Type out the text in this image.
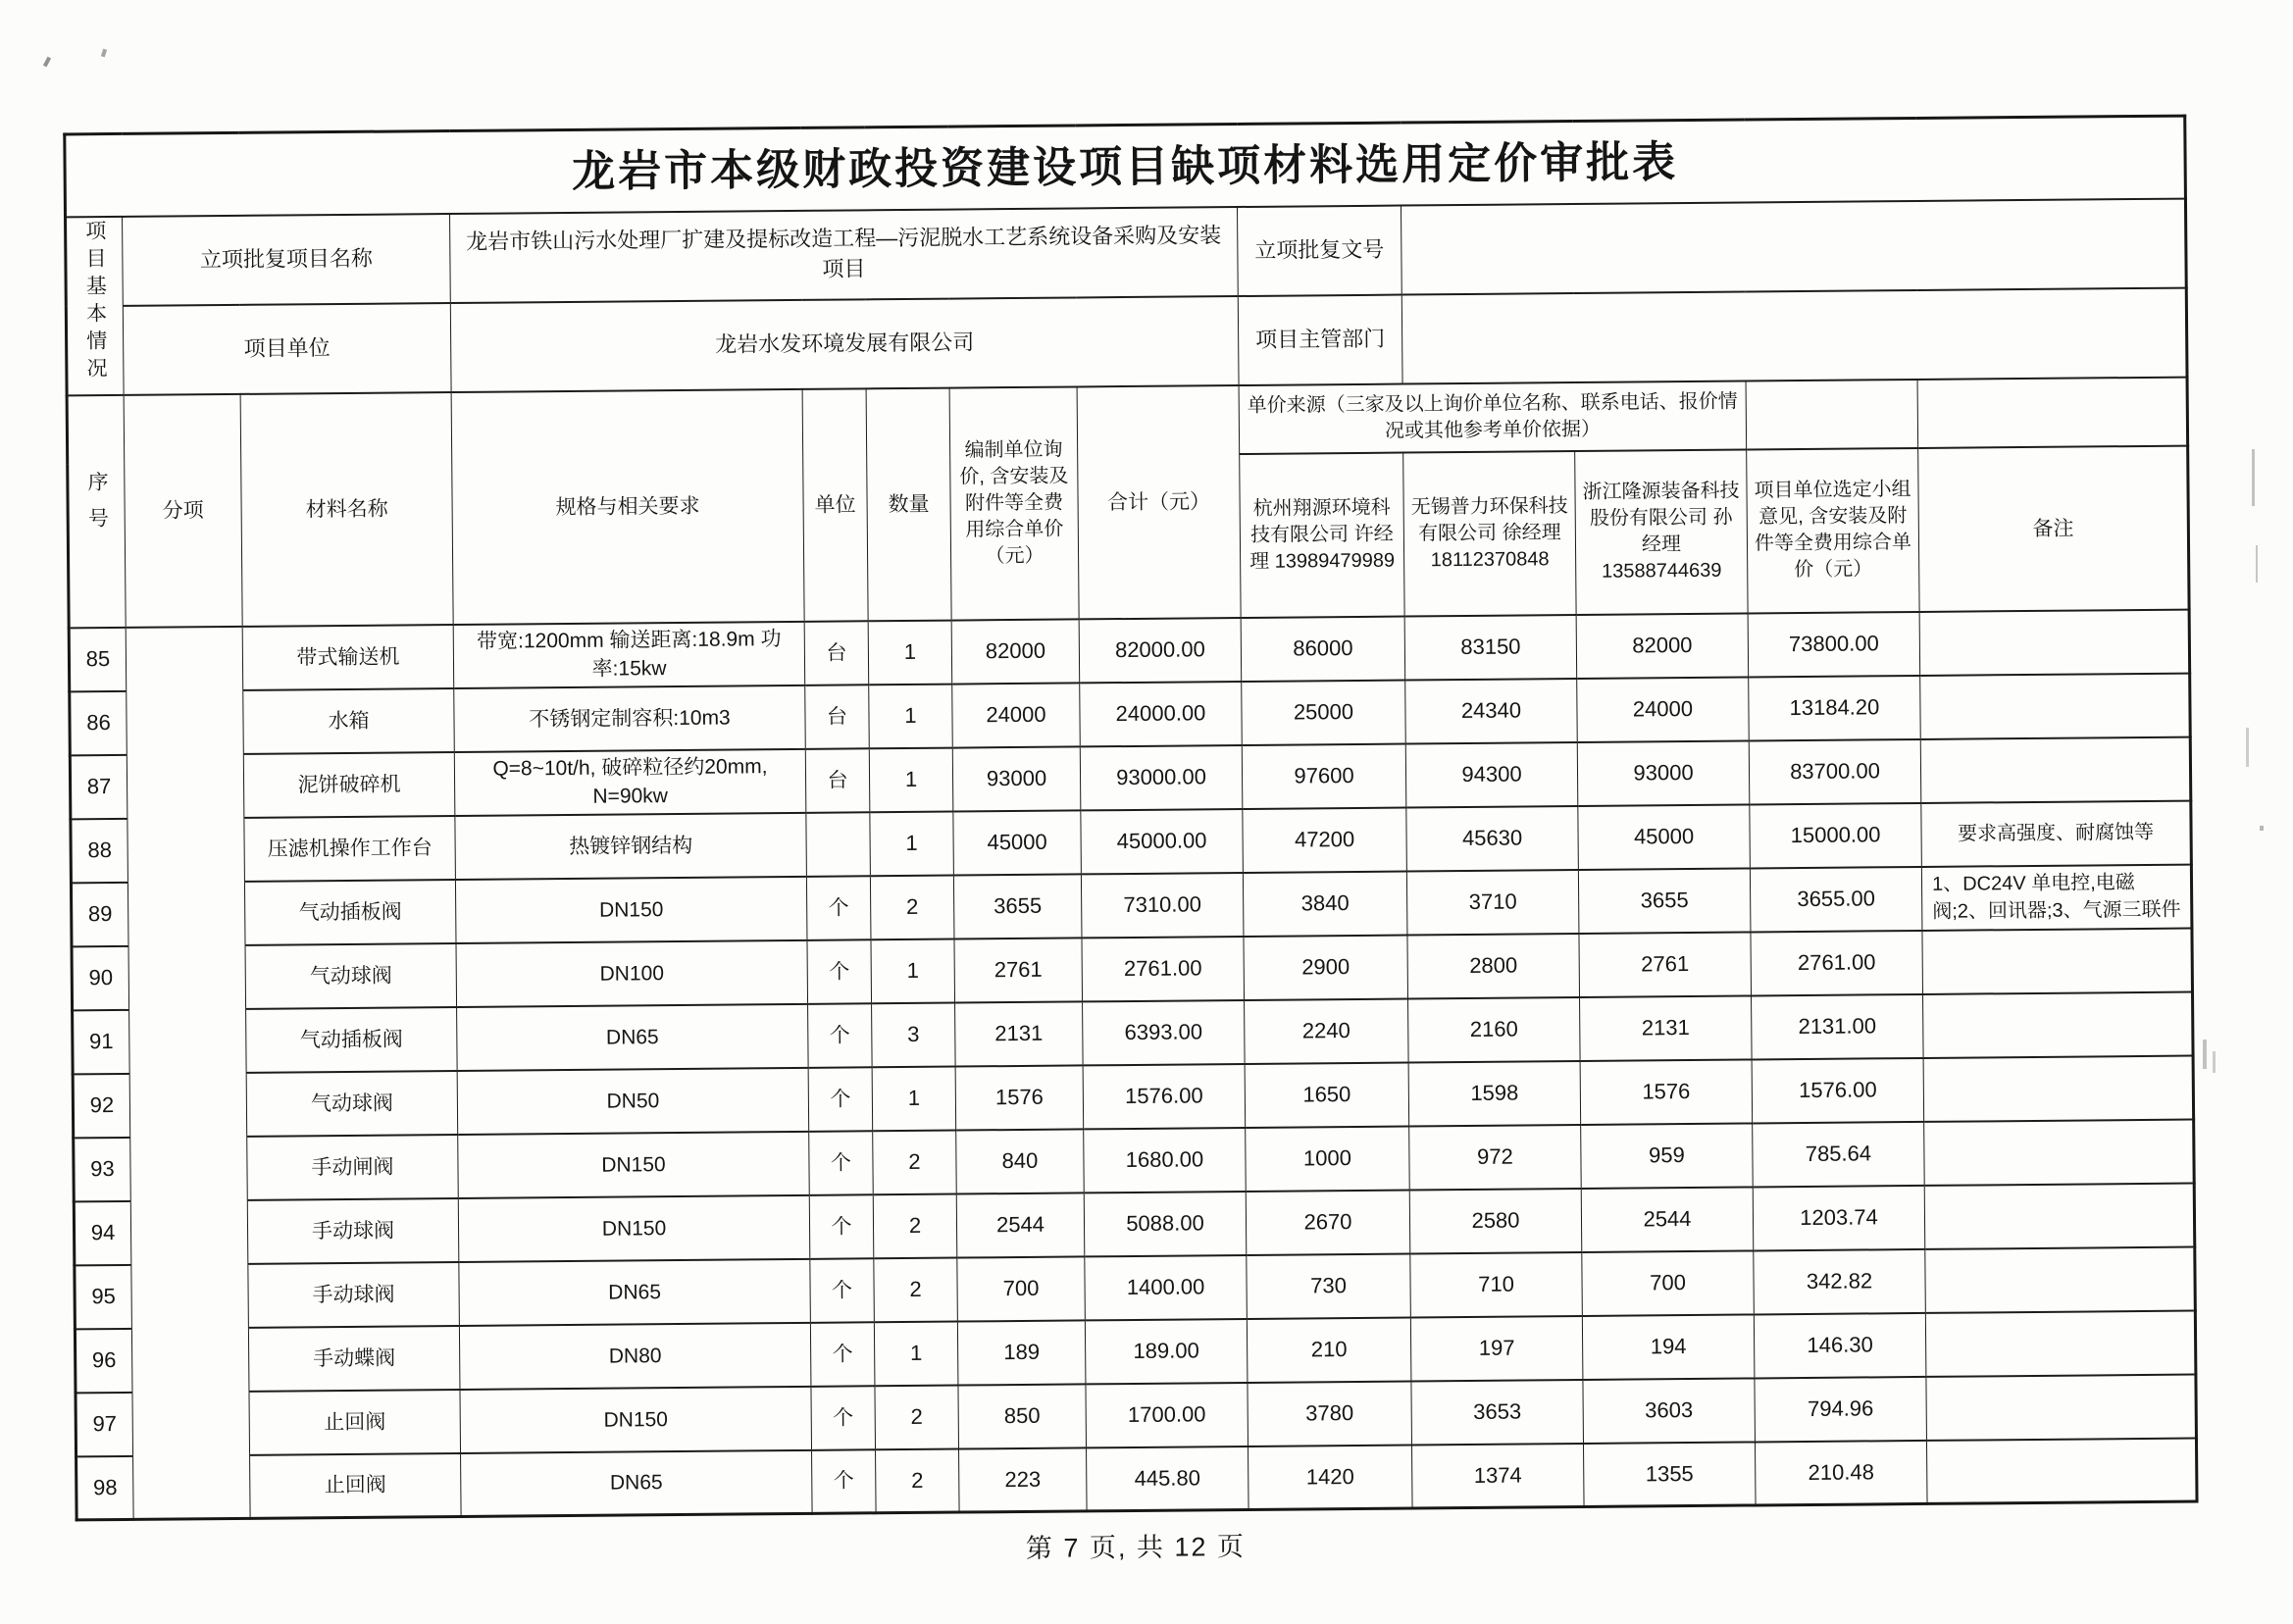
龙岩市本级财政投资建设项目缺项材料选用定价审批表												
项目基本情况	立项批复项目名称		龙岩市铁山污水处理厂扩建及提标改造工程—污泥脱水工艺系统设备采购及安装项目					立项批复文号				
	项目单位		龙岩水发环境发展有限公司					项目主管部门				
序号	分项	材料名称	规格与相关要求	单位	数量	编制单位询价, 含安装及附件等全费用综合单价（元）	合计（元）	单价来源（三家及以上询价单位名称、联系电话、报价情况或其他参考单价依据）				
								杭州翔源环境科技有限公司 许经理 13989479989	无锡普力环保科技有限公司 徐经理 18112370848	浙江隆源装备科技股份有限公司 孙经理 13588744639	项目单位选定小组意见, 含安装及附件等全费用综合单价（元）	备注
85		带式输送机	带宽:1200mm 输送距离:18.9m 功率:15kw	台	1	82000	82000.00	86000	83150	82000	73800.00	
86		水箱	不锈钢定制容积:10m3	台	1	24000	24000.00	25000	24340	24000	13184.20	
87		泥饼破碎机	Q=8~10t/h, 破碎粒径约20mm, N=90kw	台	1	93000	93000.00	97600	94300	93000	83700.00	
88		压滤机操作工作台	热镀锌钢结构		1	45000	45000.00	47200	45630	45000	15000.00	要求高强度、耐腐蚀等
89		气动插板阀	DN150	个	2	3655	7310.00	3840	3710	3655	3655.00	1、DC24V 单电控,电磁阀;2、回讯器;3、气源三联件
90		气动球阀	DN100	个	1	2761	2761.00	2900	2800	2761	2761.00	
91		气动插板阀	DN65	个	3	2131	6393.00	2240	2160	2131	2131.00	
92		气动球阀	DN50	个	1	1576	1576.00	1650	1598	1576	1576.00	
93		手动闸阀	DN150	个	2	840	1680.00	1000	972	959	785.64	
94		手动球阀	DN150	个	2	2544	5088.00	2670	2580	2544	1203.74	
95		手动球阀	DN65	个	2	700	1400.00	730	710	700	342.82	
96		手动蝶阀	DN80	个	1	189	189.00	210	197	194	146.30	
97		止回阀	DN150	个	2	850	1700.00	3780	3653	3603	794.96	
98		止回阀	DN65	个	2	223	445.80	1420	1374	1355	210.48	
第 7 页, 共 12 页
